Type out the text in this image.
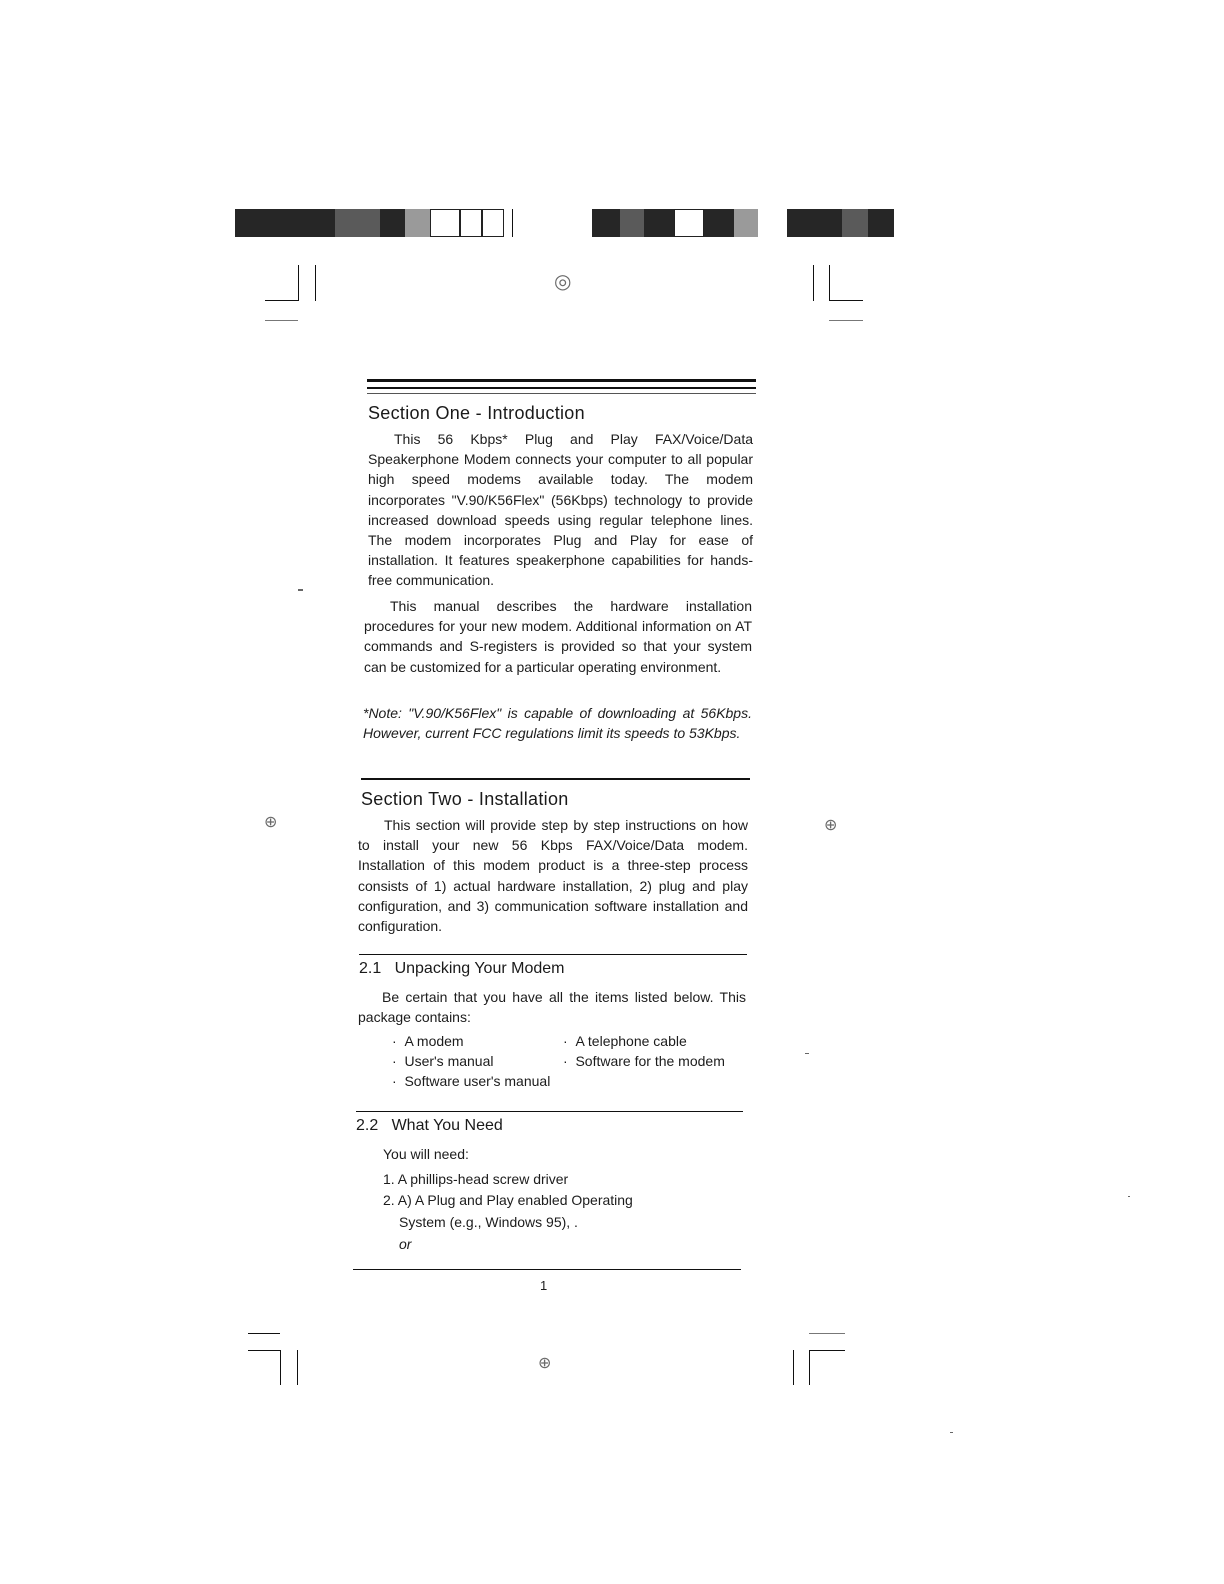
◎
⊕	⊕
⊕
Section One - Introduction
This 56 Kbps* Plug and Play FAX/Voice/Data Speakerphone Modem connects your computer to all popular high speed modems available today. The modem incorporates "V.90/K56Flex" (56Kbps) technology to provide increased download speeds using regular telephone lines. The modem incorporates Plug and Play for ease of installation. It features speakerphone capabilities for hands-free communication.
This manual describes the hardware installation procedures for your new modem. Additional information on AT commands and S-registers is provided so that your system can be customized for a particular operating environment.
*Note: "V.90/K56Flex" is capable of downloading at 56Kbps. However, current FCC regulations limit its speeds to 53Kbps.
Section Two - Installation
This section will provide step by step instructions on how to install your new 56 Kbps FAX/Voice/Data modem. Installation of this modem product is a three-step process consists of 1) actual hardware installation, 2) plug and play configuration, and 3) communication software installation and configuration.
2.1   Unpacking Your Modem
Be certain that you have all the items listed below. This package contains:
·  A modem
·  User's manual
·  Software user's manual
·  A telephone cable
·  Software for the modem
2.2   What You Need
You will need:
1. A phillips-head screw driver
2. A) A Plug and Play enabled Operating
System (e.g., Windows 95), .
or
1
